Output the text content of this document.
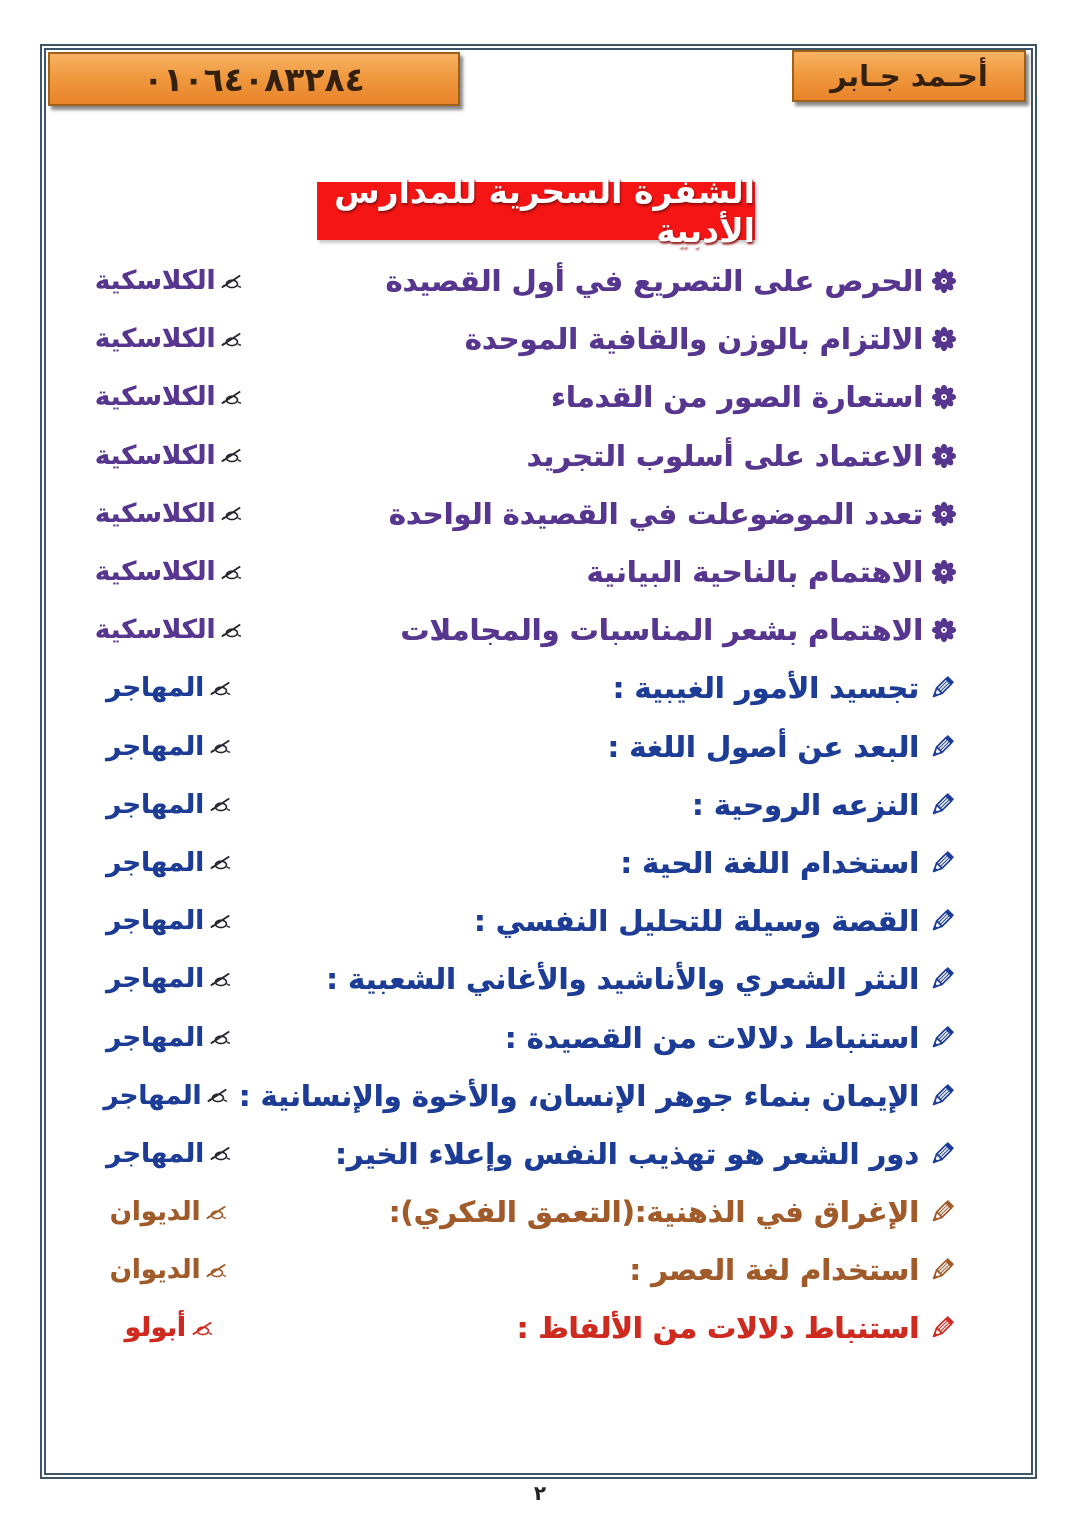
٠١٠٦٤٠٨٣٢٨٤	أحـمد جـابر
الشفرة السحرية للمدارس الأدبية
الحرص على التصريع في أول القصيدة
الكلاسكية
الالتزام بالوزن والقافية الموحدة
الكلاسكية
استعارة الصور من القدماء
الكلاسكية
الاعتماد على أسلوب التجريد
الكلاسكية
تعدد الموضوعلت في القصيدة الواحدة
الكلاسكية
الاهتمام بالناحية البيانية
الكلاسكية
الاهتمام بشعر المناسبات والمجاملات
الكلاسكية
تجسيد الأمور الغيبية :
المهاجر
البعد عن أصول اللغة :
المهاجر
النزعه الروحية :
المهاجر
استخدام اللغة الحية :
المهاجر
القصة وسيلة للتحليل النفسي :
المهاجر
النثر الشعري والأناشيد والأغاني الشعبية :
المهاجر
استنباط دلالات من القصيدة :
المهاجر
الإيمان بنماء جوهر الإنسان، والأخوة والإنسانية :
المهاجر
دور الشعر هو تهذيب النفس وإعلاء الخير:
المهاجر
الإغراق في الذهنية:(التعمق الفكري):
الديوان
استخدام لغة العصر :
الديوان
استنباط دلالات من الألفاظ :
أبولو
٢
